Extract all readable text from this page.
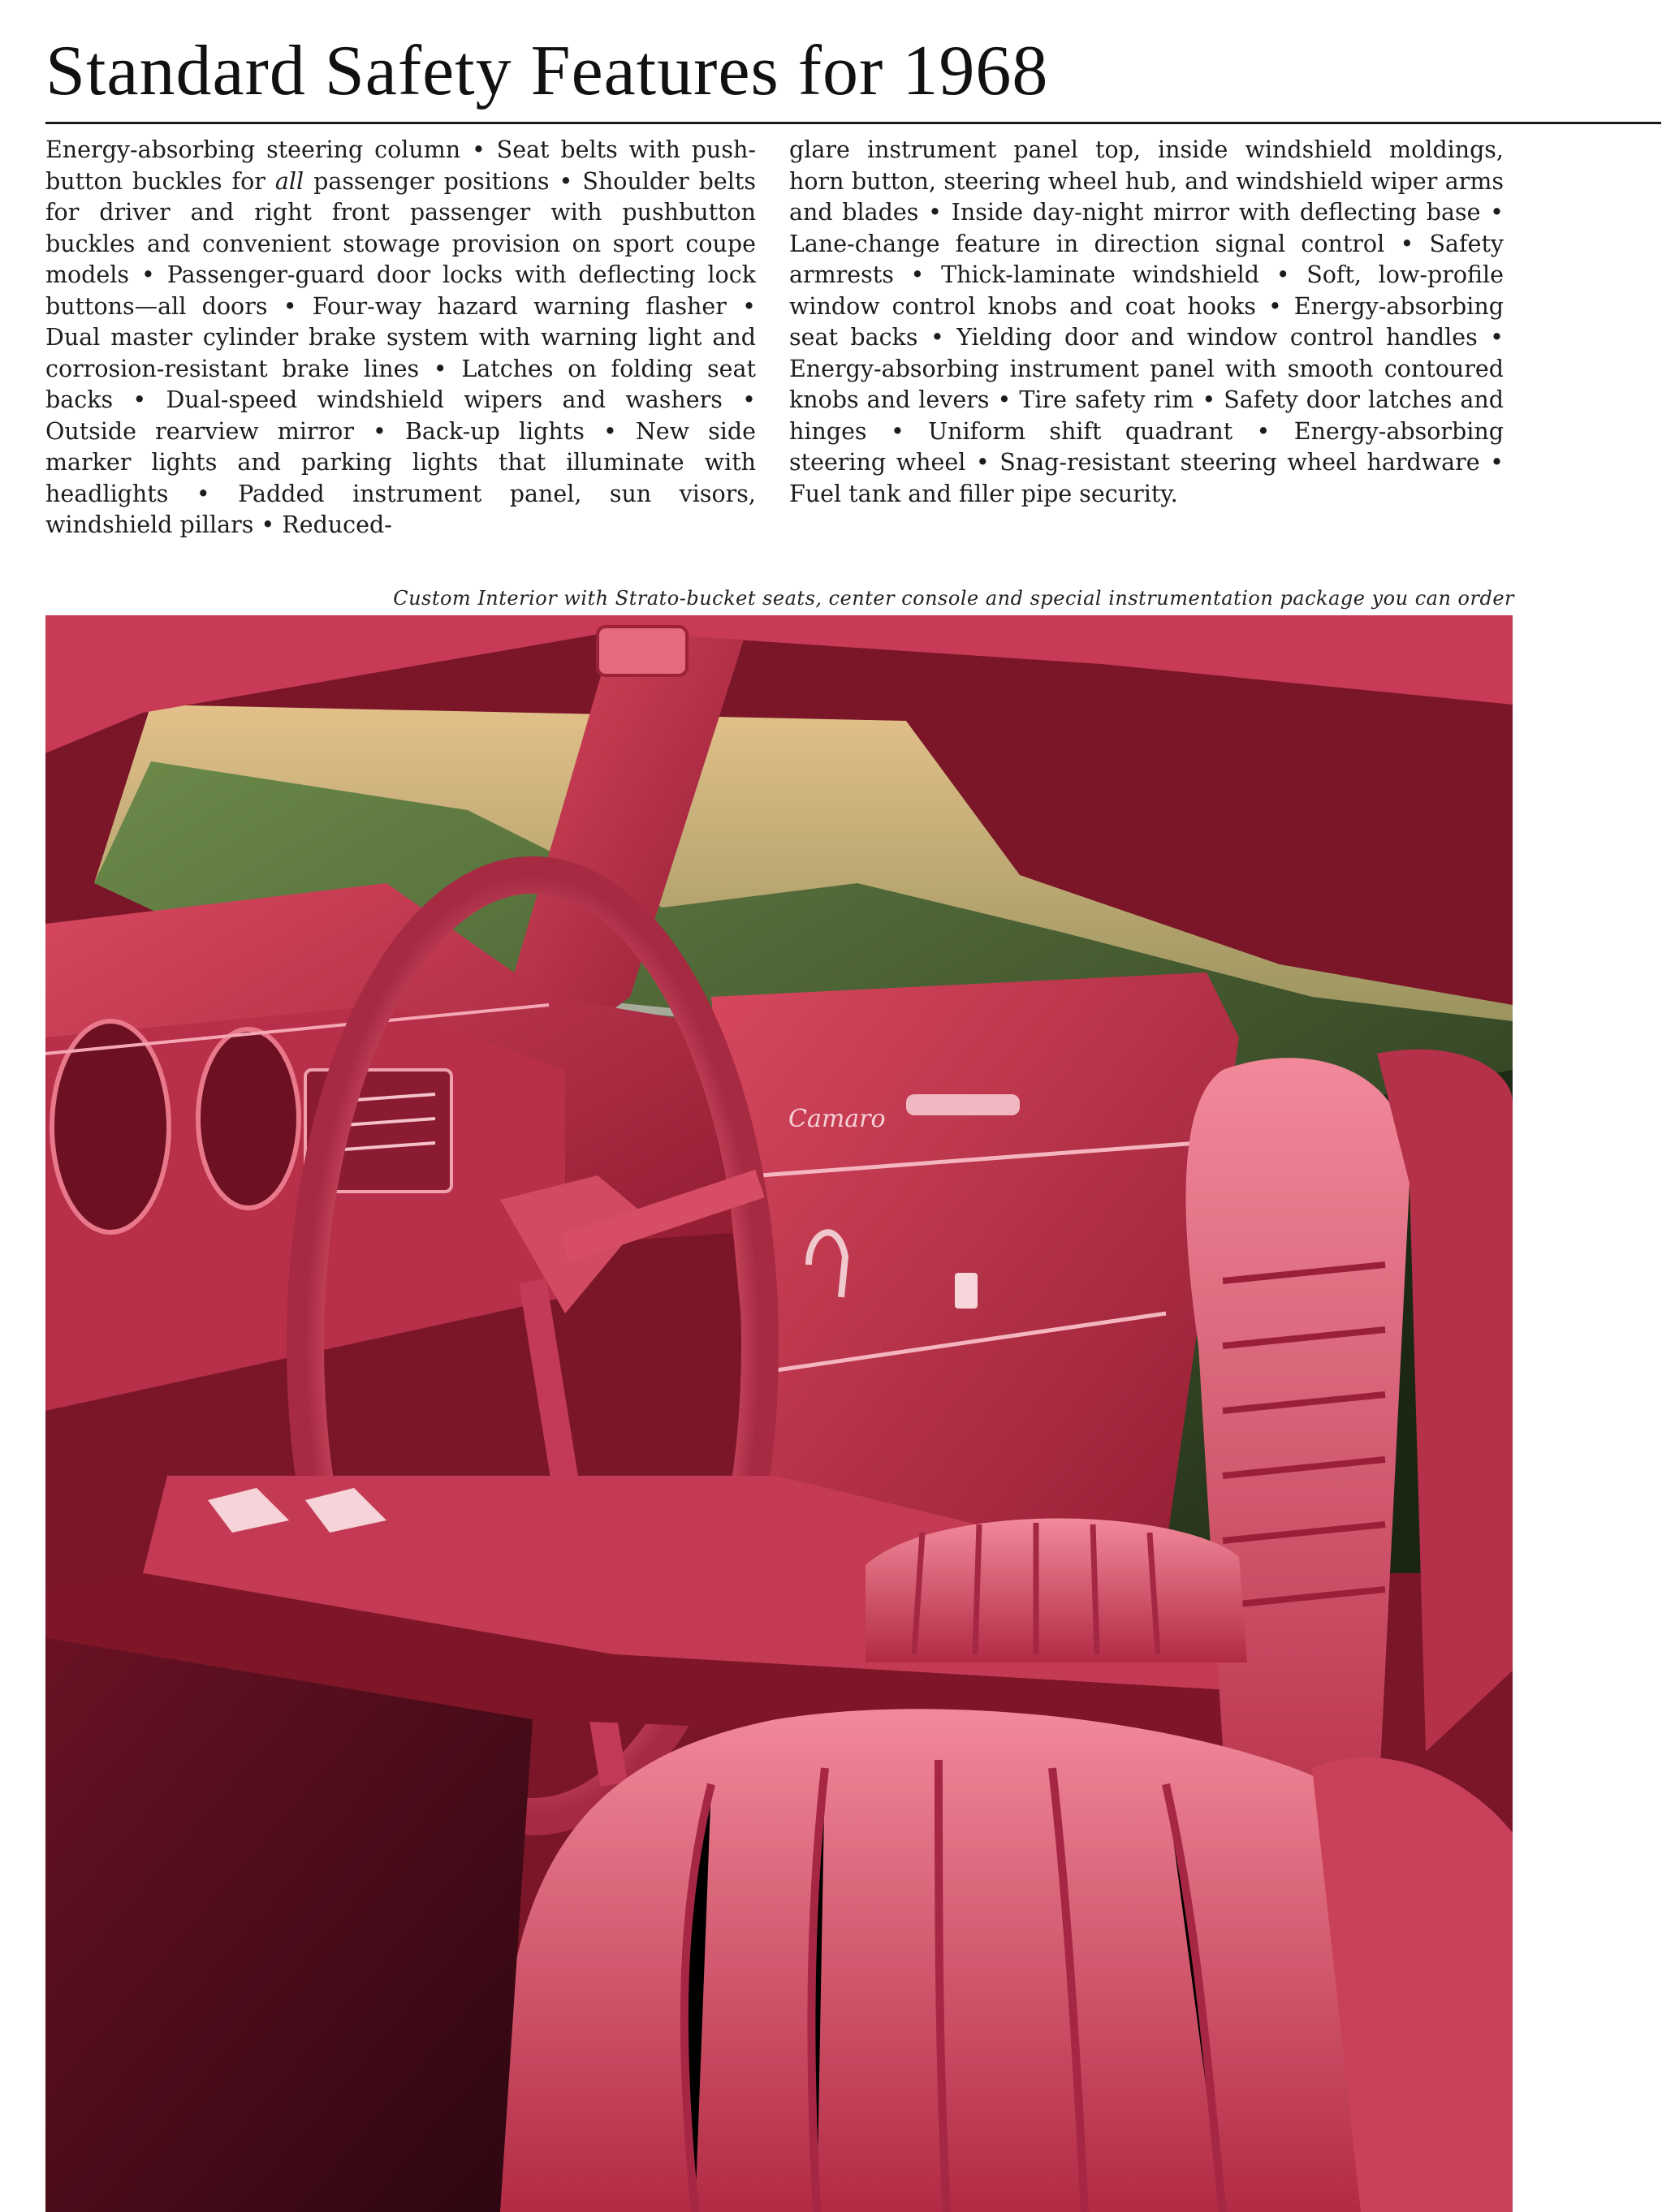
Standard Safety Features for 1968

Energy-absorbing steering column • Seat belts with push-button buckles for all passenger positions • Shoulder belts for driver and right front passenger with pushbutton buckles and convenient stowage provision on sport coupe models • Passenger-guard door locks with deflecting lock buttons—all doors • Four-way hazard warning flasher • Dual master cylinder brake system with warning light and corrosion-resistant brake lines • Latches on folding seat backs • Dual-speed windshield wipers and washers • Outside rearview mirror • Back-up lights • New side marker lights and parking lights that illuminate with headlights • Padded instrument panel, sun visors, windshield pillars • Reduced-

glare instrument panel top, inside windshield moldings, horn button, steering wheel hub, and windshield wiper arms and blades • Inside day-night mirror with deflecting base • Lane-change feature in direction signal control • Safety armrests • Thick-laminate windshield • Soft, low-profile window control knobs and coat hooks • Energy-absorbing seat backs • Yielding door and window control handles • Energy-absorbing instrument panel with smooth contoured knobs and levers • Tire safety rim • Safety door latches and hinges • Uniform shift quadrant • Energy-absorbing steering wheel • Snag-resistant steering wheel hardware • Fuel tank and filler pipe security.

Custom Interior with Strato-bucket seats, center console and special instrumentation package you can order
Camaro
